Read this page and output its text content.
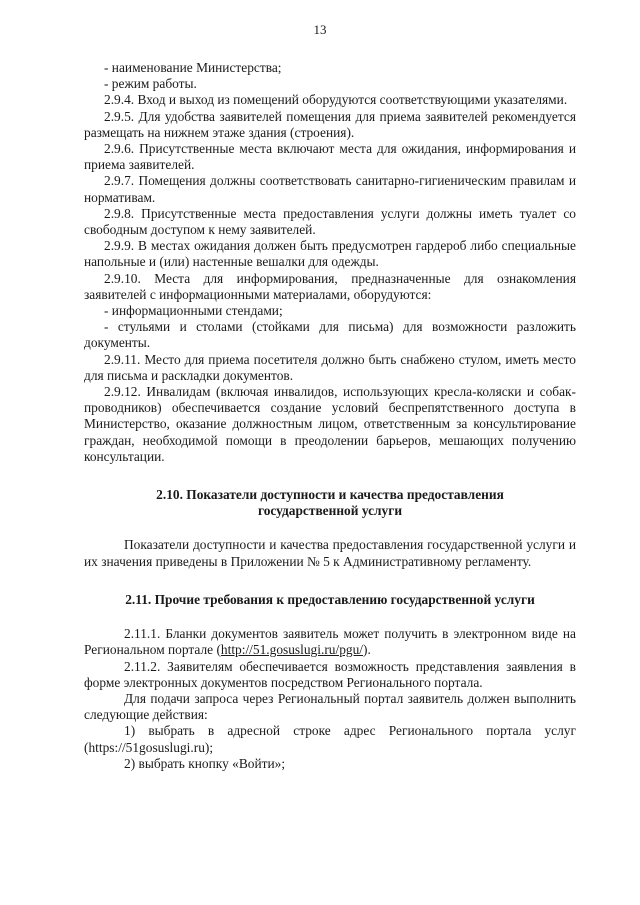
13

- наименование Министерства;

- режим работы.

2.9.4. Вход и выход из помещений оборудуются соответствующими указателями.

2.9.5. Для удобства заявителей помещения для приема заявителей рекомендуется размещать на нижнем этаже здания (строения).

2.9.6. Присутственные места включают места для ожидания, информирования и приема заявителей.

2.9.7. Помещения должны соответствовать санитарно-гигиеническим правилам и нормативам.

2.9.8. Присутственные места предоставления услуги должны иметь туалет со свободным доступом к нему заявителей.

2.9.9. В местах ожидания должен быть предусмотрен гардероб либо специальные напольные и (или) настенные вешалки для одежды.

2.9.10. Места для информирования, предназначенные для ознакомления заявителей с информационными материалами, оборудуются:

- информационными стендами;

- стульями и столами (стойками для письма) для возможности разложить документы.

2.9.11. Место для приема посетителя должно быть снабжено стулом, иметь место для письма и раскладки документов.

2.9.12. Инвалидам (включая инвалидов, использующих кресла-коляски и собак-проводников) обеспечивается создание условий беспрепятственного доступа в Министерство, оказание должностным лицом, ответственным за консультирование граждан, необходимой помощи в преодолении барьеров, мешающих получению консультации.

2.10. Показатели доступности и качества предоставления

государственной услуги

Показатели доступности и качества предоставления государственной услуги и их значения приведены в Приложении № 5 к Административному регламенту.

2.11. Прочие требования к предоставлению государственной услуги

2.11.1. Бланки документов заявитель может получить в электронном виде на Региональном портале (http://51.gosuslugi.ru/pgu/).

2.11.2. Заявителям обеспечивается возможность представления заявления в форме электронных документов посредством Регионального портала.

Для подачи запроса через Региональный портал заявитель должен выполнить следующие действия:

1) выбрать в адресной строке адрес Регионального портала услуг (https://51gosuslugi.ru);

2) выбрать кнопку «Войти»;
